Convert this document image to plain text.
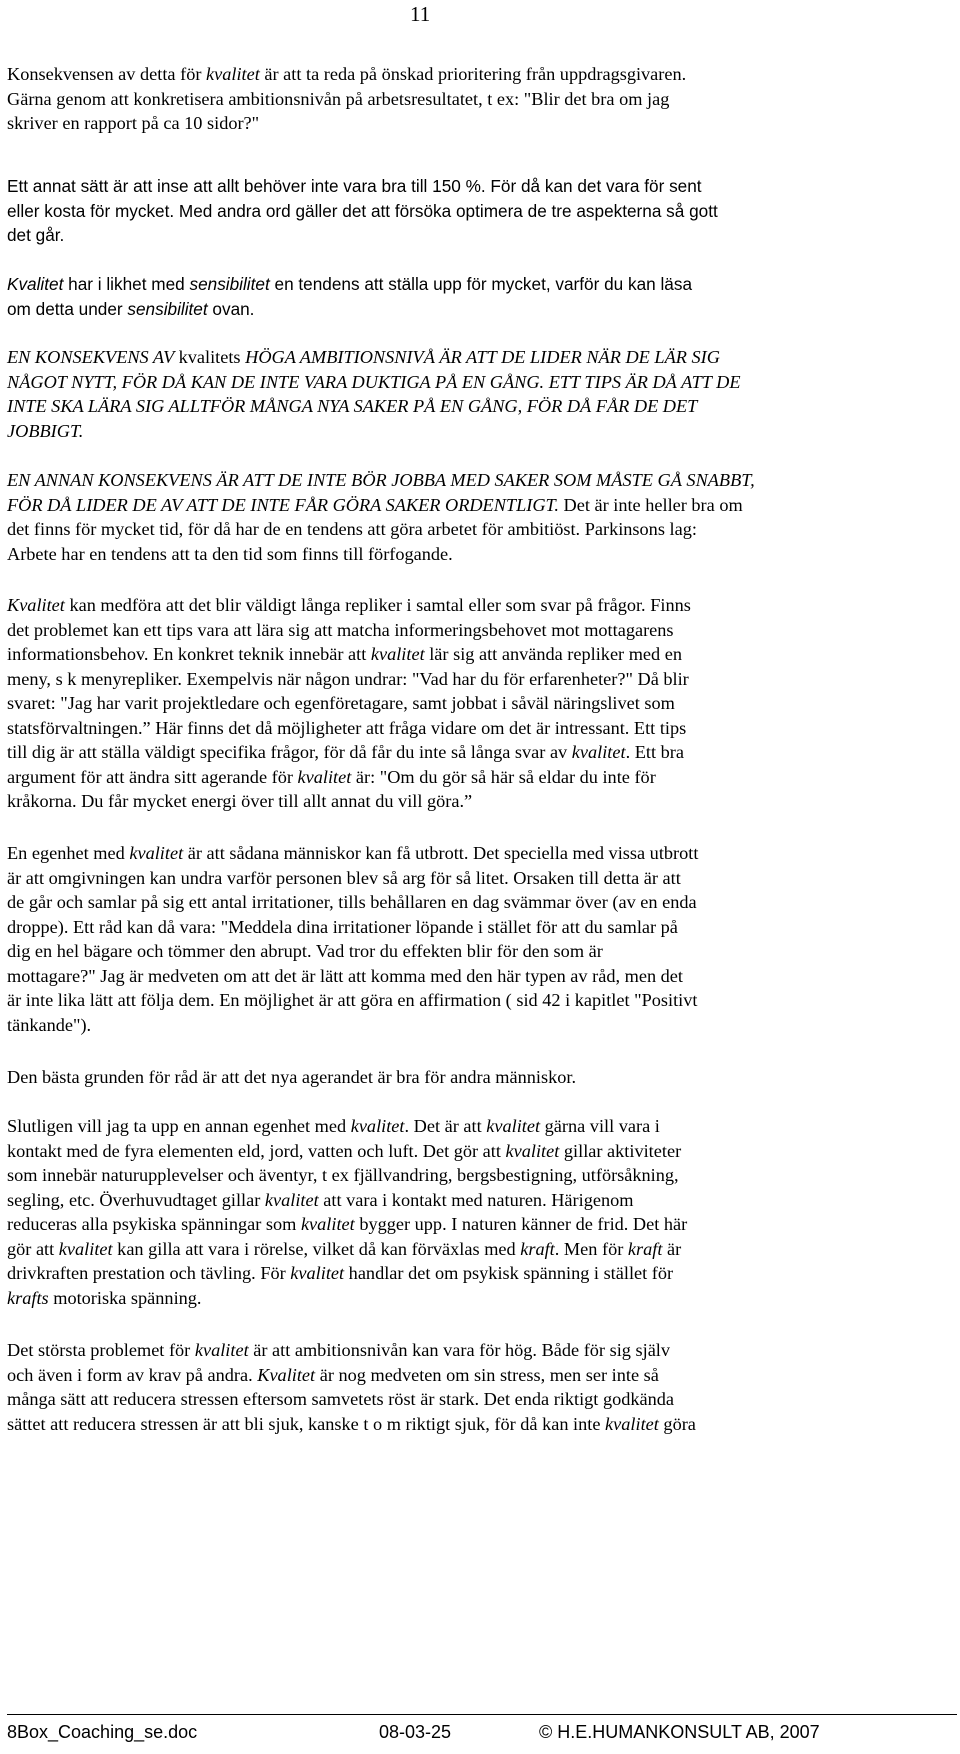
11
Konsekvensen av detta för kvalitet är att ta reda på önskad prioritering från uppdragsgivaren.
Gärna genom att konkretisera ambitionsnivån på arbetsresultatet, t ex: "Blir det bra om jag
skriver en rapport på ca 10 sidor?"
Ett annat sätt är att inse att allt behöver inte vara bra till 150 %. För då kan det vara för sent
eller kosta för mycket. Med andra ord gäller det att försöka optimera de tre aspekterna så gott
det går.
Kvalitet har i likhet med sensibilitet en tendens att ställa upp för mycket, varför du kan läsa
om detta under sensibilitet ovan.
EN KONSEKVENS AV kvalitets HÖGA AMBITIONSNIVÅ ÄR ATT DE LIDER NÄR DE LÄR SIG
NÅGOT NYTT, FÖR DÅ KAN DE INTE VARA DUKTIGA PÅ EN GÅNG. ETT TIPS ÄR DÅ ATT DE
INTE SKA LÄRA SIG ALLTFÖR MÅNGA NYA SAKER PÅ EN GÅNG, FÖR DÅ FÅR DE DET
JOBBIGT.
EN ANNAN KONSEKVENS ÄR ATT DE INTE BÖR JOBBA MED SAKER SOM MÅSTE GÅ SNABBT,
FÖR DÅ LIDER DE AV ATT DE INTE FÅR GÖRA SAKER ORDENTLIGT. Det är inte heller bra om
det finns för mycket tid, för då har de en tendens att göra arbetet för ambitiöst. Parkinsons lag:
Arbete har en tendens att ta den tid som finns till förfogande.
Kvalitet kan medföra att det blir väldigt långa repliker i samtal eller som svar på frågor. Finns
det problemet kan ett tips vara att lära sig att matcha informeringsbehovet mot mottagarens
informationsbehov. En konkret teknik innebär att kvalitet lär sig att använda repliker med en
meny, s k menyrepliker. Exempelvis när någon undrar: "Vad har du för erfarenheter?" Då blir
svaret: "Jag har varit projektledare och egenföretagare, samt jobbat i såväl näringslivet som
statsförvaltningen.” Här finns det då möjligheter att fråga vidare om det är intressant. Ett tips
till dig är att ställa väldigt specifika frågor, för då får du inte så långa svar av kvalitet. Ett bra
argument för att ändra sitt agerande för kvalitet är: "Om du gör så här så eldar du inte för
kråkorna. Du får mycket energi över till allt annat du vill göra.”
En egenhet med kvalitet är att sådana människor kan få utbrott. Det speciella med vissa utbrott
är att omgivningen kan undra varför personen blev så arg för så litet. Orsaken till detta är att
de går och samlar på sig ett antal irritationer, tills behållaren en dag svämmar över (av en enda
droppe). Ett råd kan då vara: "Meddela dina irritationer löpande i stället för att du samlar på
dig en hel bägare och tömmer den abrupt. Vad tror du effekten blir för den som är
mottagare?" Jag är medveten om att det är lätt att komma med den här typen av råd, men det
är inte lika lätt att följa dem. En möjlighet är att göra en affirmation ( sid 42 i kapitlet "Positivt
tänkande").
Den bästa grunden för råd är att det nya agerandet är bra för andra människor.
Slutligen vill jag ta upp en annan egenhet med kvalitet. Det är att kvalitet gärna vill vara i
kontakt med de fyra elementen eld, jord, vatten och luft. Det gör att kvalitet gillar aktiviteter
som innebär naturupplevelser och äventyr, t ex fjällvandring, bergsbestigning, utförsåkning,
segling, etc. Överhuvudtaget gillar kvalitet att vara i kontakt med naturen. Härigenom
reduceras alla psykiska spänningar som kvalitet bygger upp. I naturen känner de frid. Det här
gör att kvalitet kan gilla att vara i rörelse, vilket då kan förväxlas med kraft. Men för kraft är
drivkraften prestation och tävling. För kvalitet handlar det om psykisk spänning i stället för
krafts motoriska spänning.
Det största problemet för kvalitet är att ambitionsnivån kan vara för hög. Både för sig själv
och även i form av krav på andra. Kvalitet är nog medveten om sin stress, men ser inte så
många sätt att reducera stressen eftersom samvetets röst är stark. Det enda riktigt godkända
sättet att reducera stressen är att bli sjuk, kanske t o m riktigt sjuk, för då kan inte kvalitet göra
8Box_Coaching_se.doc	08-03-25	© H.E.HUMANKONSULT AB, 2007
